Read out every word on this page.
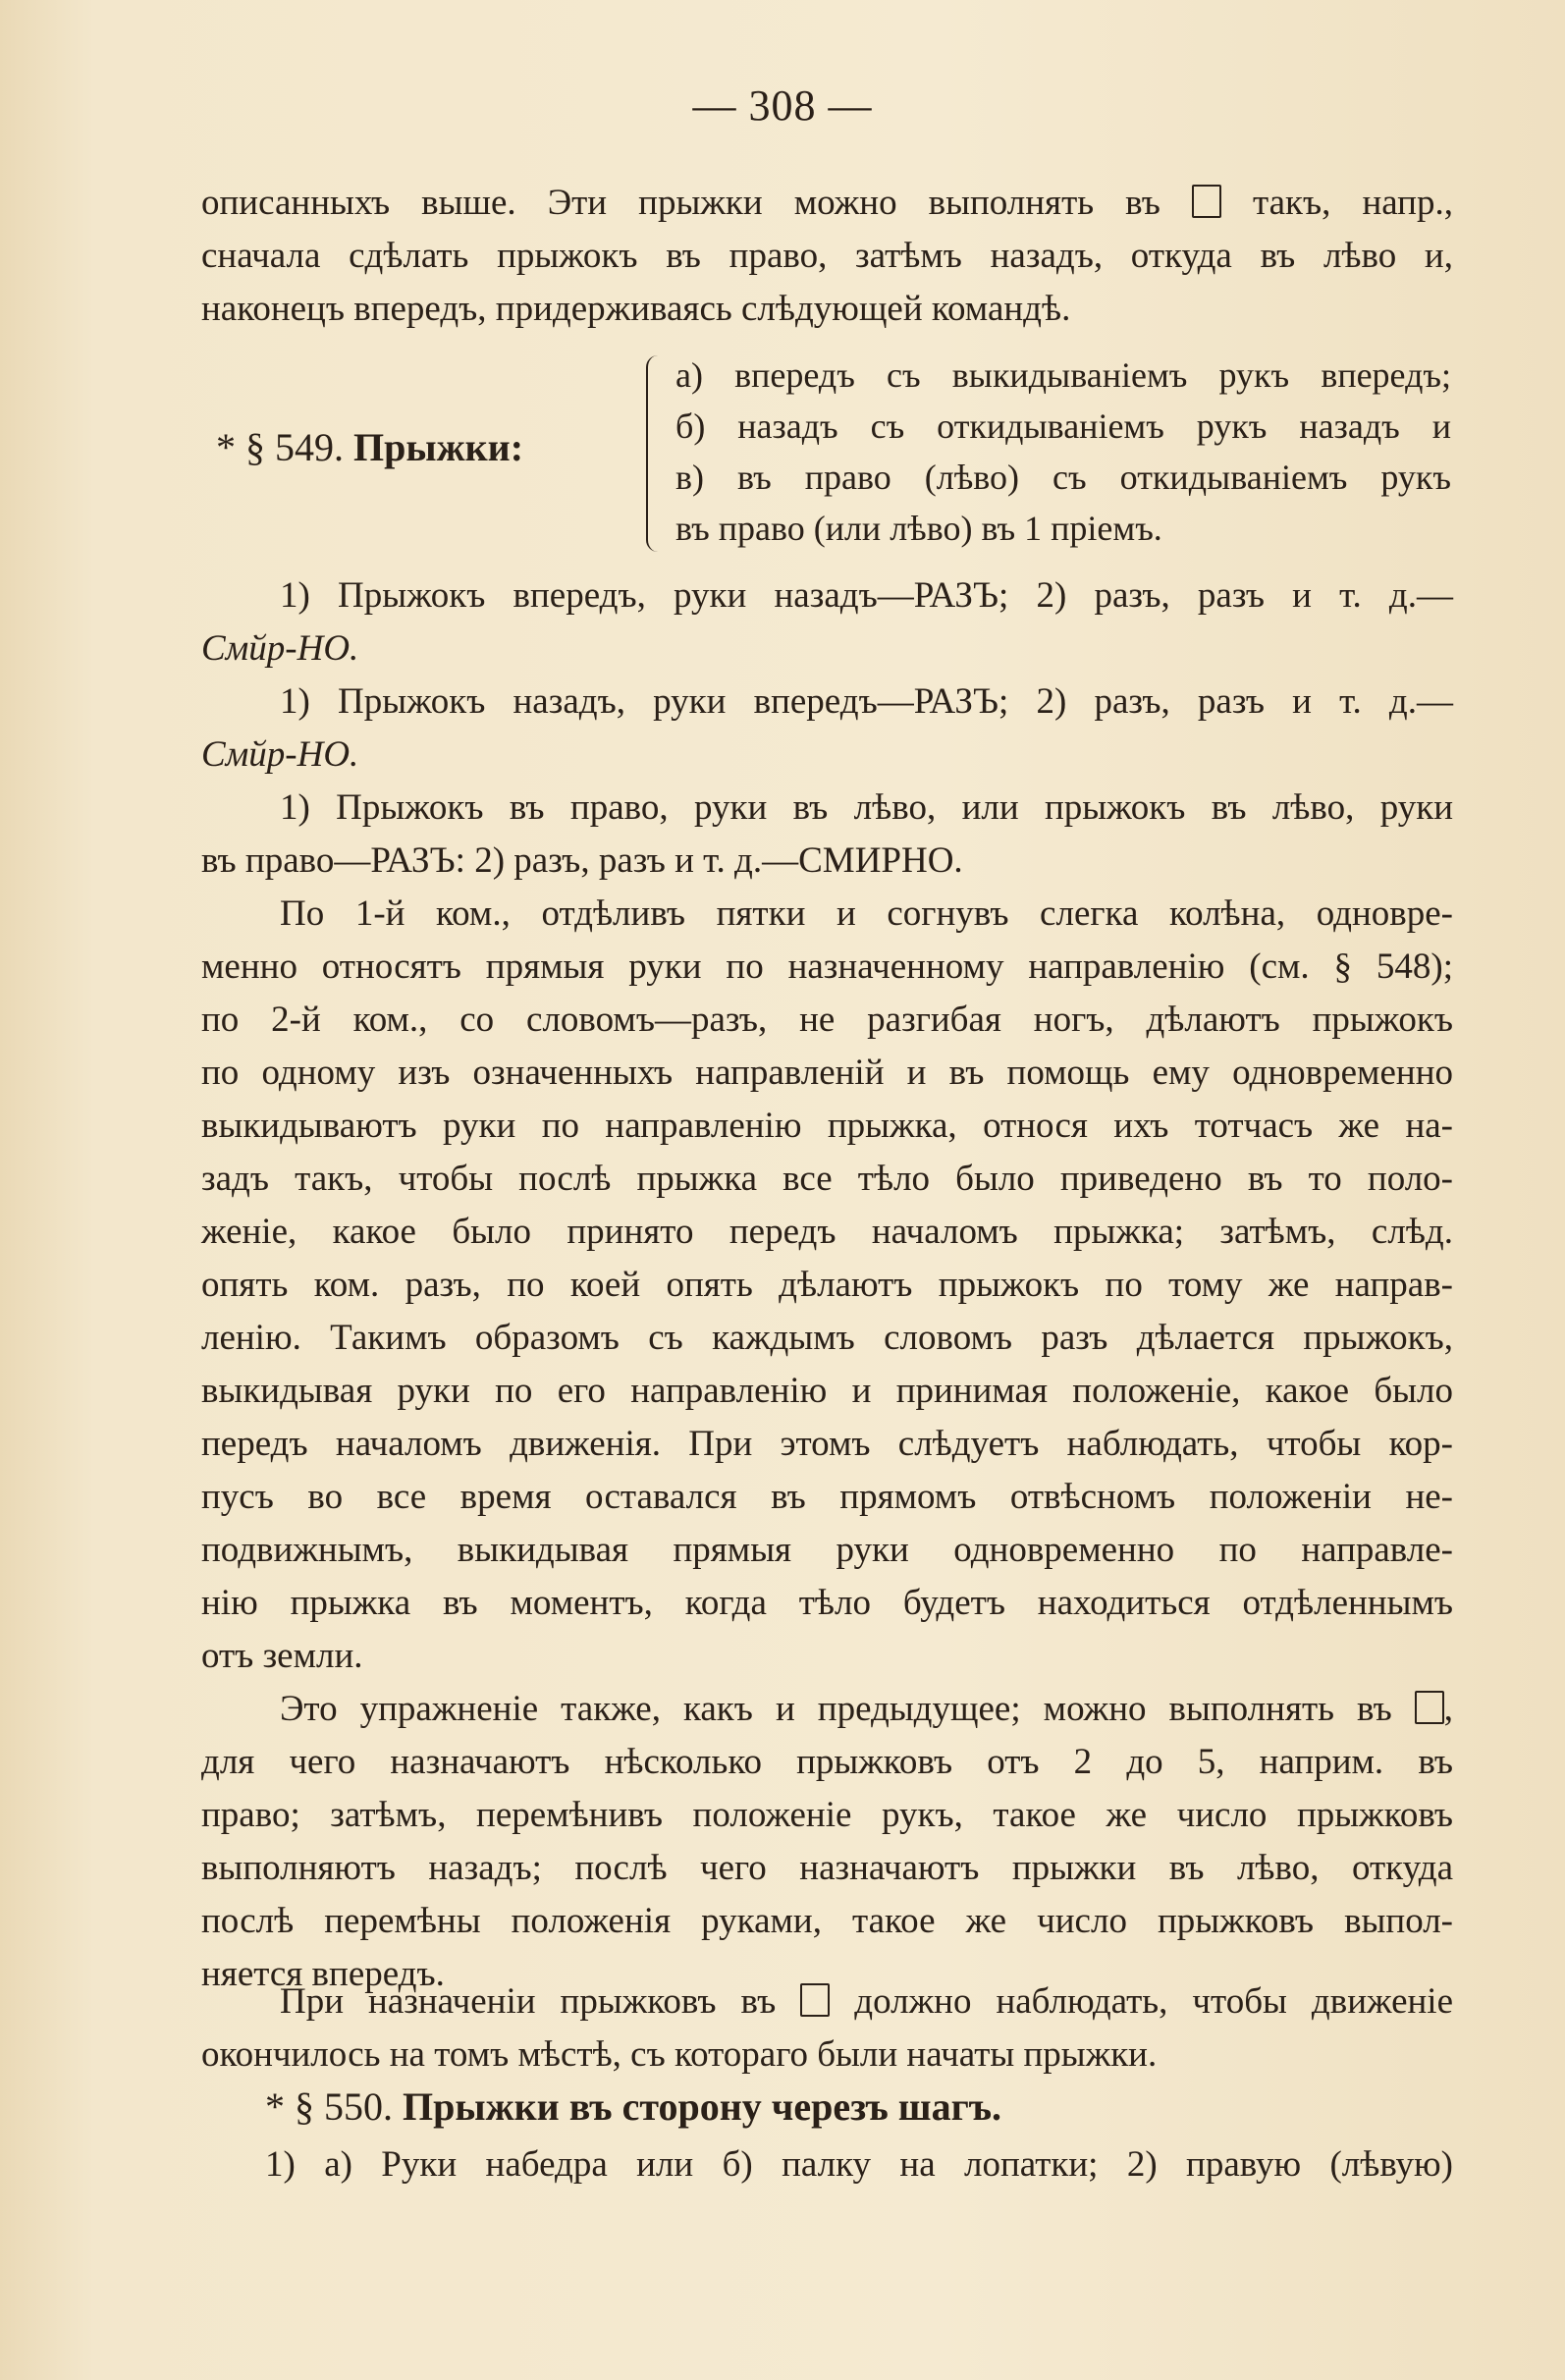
— 308 —
описанныхъ выше. Эти прыжки можно выполнять въ	такъ, напр.,
сначала сдѣлать прыжокъ въ право, затѣмъ назадъ, откуда въ лѣво и,
наконецъ впередъ, придерживаясь слѣдующей командѣ.
* § 549. Прыжки:
а) впередъ съ выкидываніемъ рукъ впередъ;
б) назадъ съ откидываніемъ рукъ назадъ и
в) въ право (лѣво) съ откидываніемъ рукъ
въ право (или лѣво) въ 1 пріемъ.
1) Прыжокъ впередъ, руки назадъ—РАЗЪ; 2) разъ, разъ и т. д.—
Смйр-НО.
1) Прыжокъ назадъ, руки впередъ—РАЗЪ; 2) разъ, разъ и т. д.—
Смйр-НО.
1) Прыжокъ въ право, руки въ лѣво, или прыжокъ въ лѣво, руки
въ право—РАЗЪ: 2) разъ, разъ и т. д.—СМИРНО.
По 1-й ком., отдѣливъ пятки и согнувъ слегка колѣна, одновре-
менно относятъ прямыя руки по назначенному направленію (см. § 548);
по 2-й ком., со словомъ—разъ, не разгибая ногъ, дѣлаютъ прыжокъ
по одному изъ означенныхъ направленій и въ помощь ему одновременно
выкидываютъ руки по направленію прыжка, относя ихъ тотчасъ же на-
задъ такъ, чтобы послѣ прыжка все тѣло было приведено въ то поло-
женіе, какое было принято передъ началомъ прыжка; затѣмъ, слѣд.
опять ком. разъ, по коей опять дѣлаютъ прыжокъ по тому же направ-
ленію. Такимъ образомъ съ каждымъ словомъ разъ дѣлается прыжокъ,
выкидывая руки по его направленію и принимая положеніе, какое было
передъ началомъ движенія. При этомъ слѣдуетъ наблюдать, чтобы кор-
пусъ во все время оставался въ прямомъ отвѣсномъ положеніи не-
подвижнымъ, выкидывая прямыя руки одновременно по направле-
нію прыжка въ моментъ, когда тѣло будетъ находиться отдѣленнымъ
отъ земли.
Это упражненіе также, какъ и предыдущее; можно выполнять въ ,
для чего назначаютъ нѣсколько прыжковъ отъ 2 до 5, наприм. въ
право; затѣмъ, перемѣнивъ положеніе рукъ, такое же число прыжковъ
выполняютъ назадъ; послѣ чего назначаютъ прыжки въ лѣво, откуда
послѣ перемѣны положенія руками, такое же число прыжковъ выпол-
няется впередъ.
При назначеніи прыжковъ въ должно наблюдать, чтобы движеніе
окончилось на томъ мѣстѣ, съ котораго были начаты прыжки.
* § 550. Прыжки въ сторону черезъ шагъ.
1) а) Руки набедра или б) палку на лопатки; 2) правую (лѣвую)
